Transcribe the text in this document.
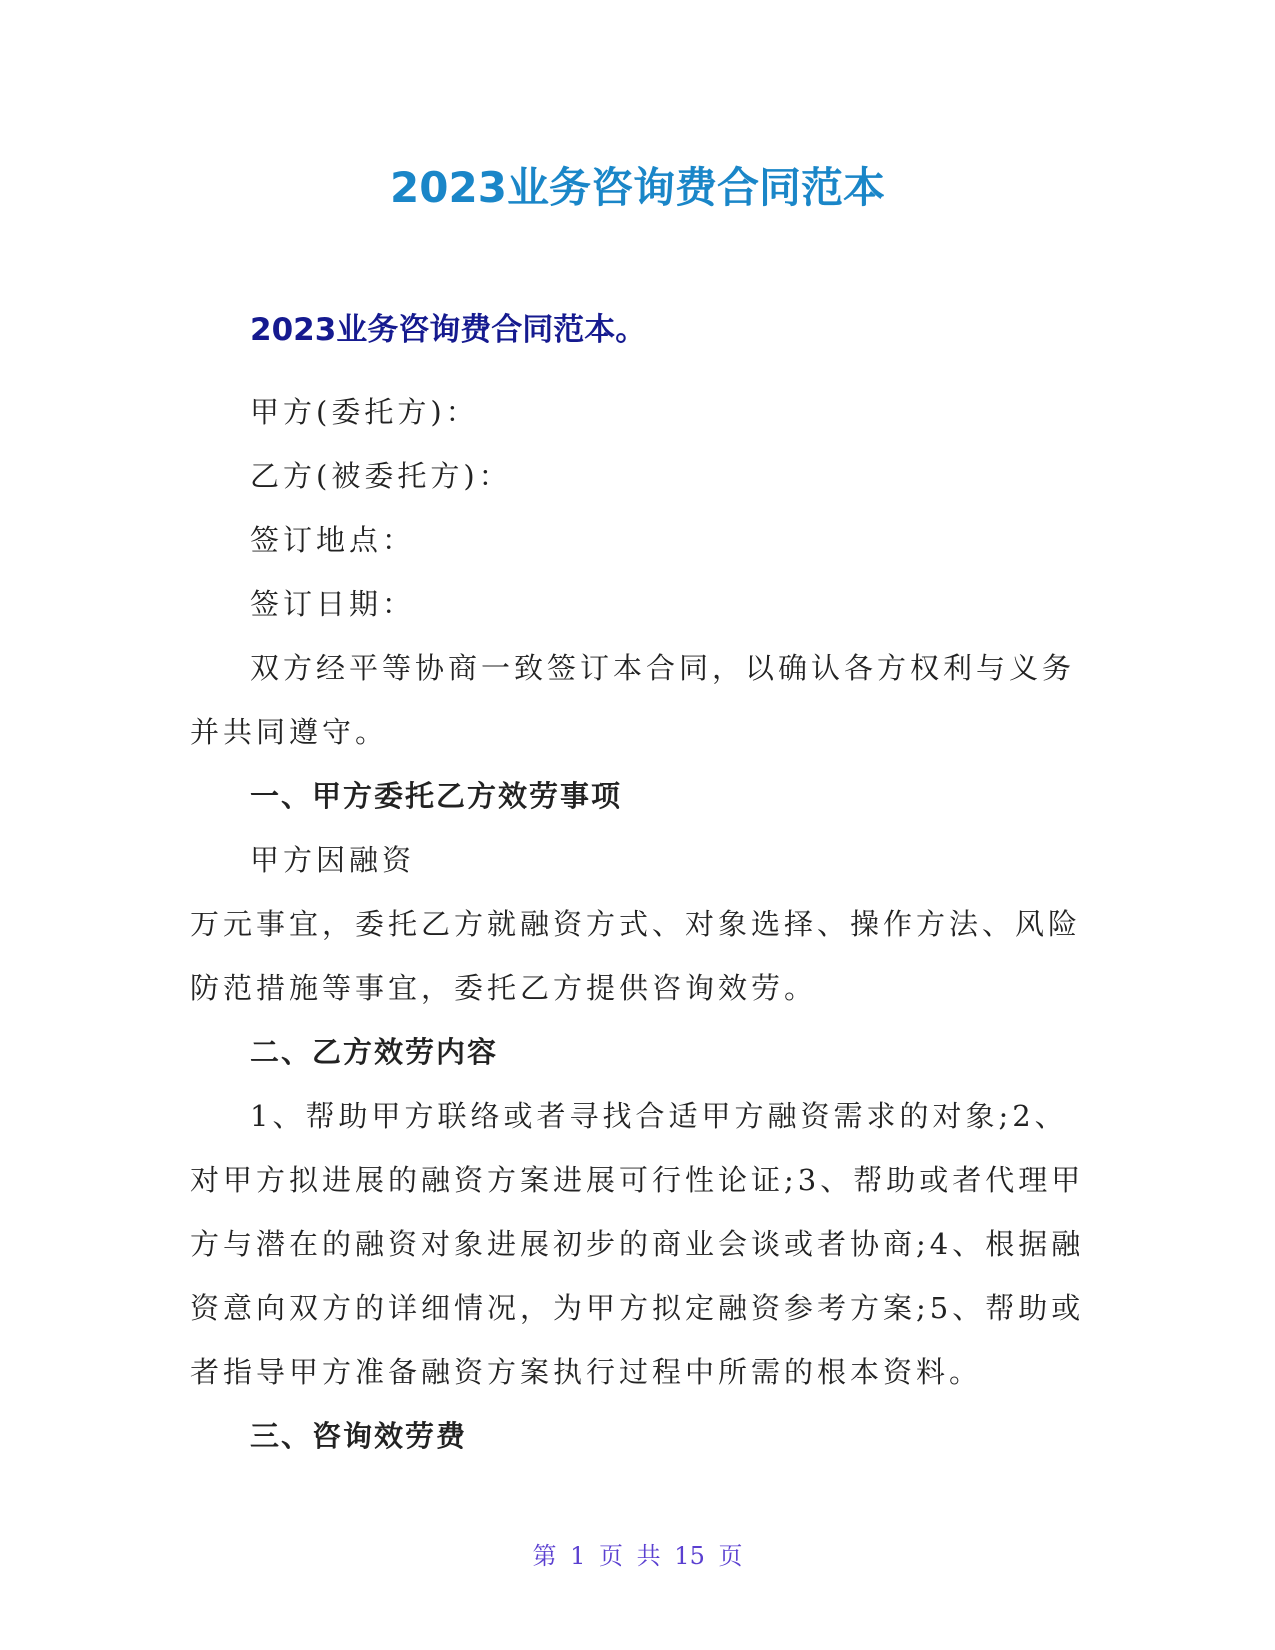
2023业务咨询费合同范本
2023业务咨询费合同范本。

甲方(委托方)：

乙方(被委托方)：

签订地点：

签订日期：

双方经平等协商一致签订本合同，以确认各方权利与义务并共同遵守。

一、甲方委托乙方效劳事项

甲方因融资

万元事宜，委托乙方就融资方式、对象选择、操作方法、风险防范措施等事宜，委托乙方提供咨询效劳。

二、乙方效劳内容

1、帮助甲方联络或者寻找合适甲方融资需求的对象;2、对甲方拟进展的融资方案进展可行性论证;3、帮助或者代理甲方与潜在的融资对象进展初步的商业会谈或者协商;4、根据融资意向双方的详细情况，为甲方拟定融资参考方案;5、帮助或者指导甲方准备融资方案执行过程中所需的根本资料。

三、咨询效劳费

第 1 页 共 15 页
